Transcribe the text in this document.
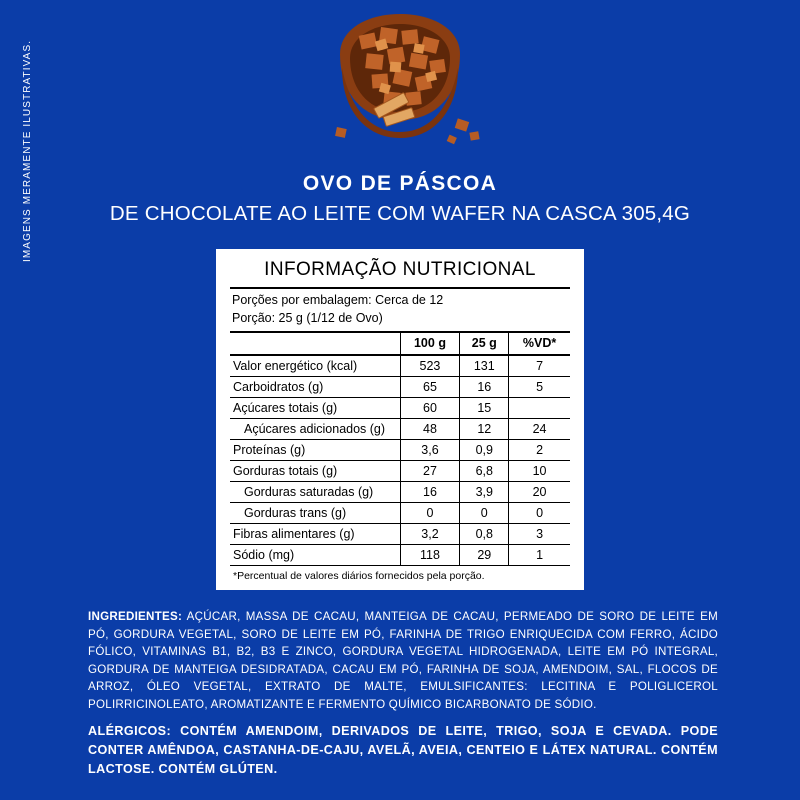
IMAGENS MERAMENTE ILUSTRATIVAS.	OVO DE PÁSCOA
DE CHOCOLATE AO LEITE COM WAFER NA CASCA 305,4G
INFORMAÇÃO NUTRICIONAL
Porções por embalagem: Cerca de 12
Porção: 25 g (1/12 de Ovo)
	100 g	25 g	%VD*
Valor energético (kcal)	523	131	7
Carboidratos (g)	65	16	5
Açúcares totais (g)	60	15	
Açúcares adicionados (g)	48	12	24
Proteínas (g)	3,6	0,9	2
Gorduras totais (g)	27	6,8	10
Gorduras saturadas (g)	16	3,9	20
Gorduras trans (g)	0	0	0
Fibras alimentares (g)	3,2	0,8	3
Sódio (mg)	118	29	1
*Percentual de valores diários fornecidos pela porção.
INGREDIENTES: AÇÚCAR, MASSA DE CACAU, MANTEIGA DE CACAU, PERMEADO DE SORO DE LEITE EM PÓ, GORDURA VEGETAL, SORO DE LEITE EM PÓ, FARINHA DE TRIGO ENRIQUECIDA COM FERRO, ÁCIDO FÓLICO, VITAMINAS B1, B2, B3 E ZINCO, GORDURA VEGETAL HIDROGENADA, LEITE EM PÓ INTEGRAL, GORDURA DE MANTEIGA DESIDRATADA, CACAU EM PÓ, FARINHA DE SOJA, AMENDOIM, SAL, FLOCOS DE ARROZ, ÓLEO VEGETAL, EXTRATO DE MALTE, EMULSIFICANTES: LECITINA E POLIGLICEROL POLIRRICINOLEATO, AROMATIZANTE E FERMENTO QUÍMICO BICARBONATO DE SÓDIO.
ALÉRGICOS: CONTÉM AMENDOIM, DERIVADOS DE LEITE, TRIGO, SOJA E CEVADA. PODE CONTER AMÊNDOA, CASTANHA-DE-CAJU, AVELÃ, AVEIA, CENTEIO E LÁTEX NATURAL. CONTÉM LACTOSE. CONTÉM GLÚTEN.
